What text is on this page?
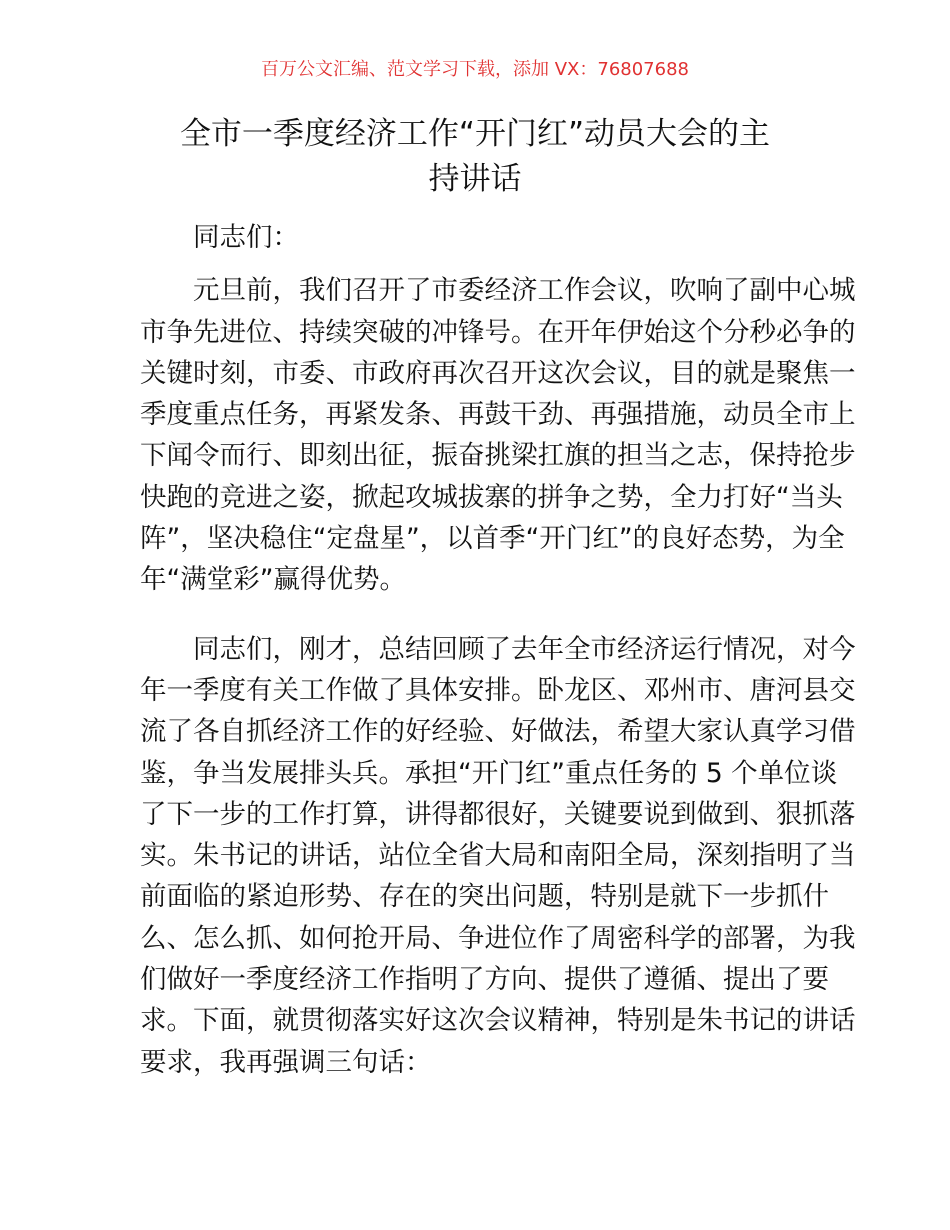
百万公文汇编、范文学习下载，添加 VX：76807688
全市一季度经济工作“开门红”动员大会的主
持讲话
同志们：
元旦前，我们召开了市委经济工作会议，吹响了副中心城
市争先进位、持续突破的冲锋号。在开年伊始这个分秒必争的
关键时刻，市委、市政府再次召开这次会议，目的就是聚焦一
季度重点任务，再紧发条、再鼓干劲、再强措施，动员全市上
下闻令而行、即刻出征，振奋挑梁扛旗的担当之志，保持抢步
快跑的竞进之姿，掀起攻城拔寨的拼争之势，全力打好“当头
阵”，坚决稳住“定盘星”，以首季“开门红”的良好态势，为全
年“满堂彩”赢得优势。
同志们，刚才，总结回顾了去年全市经济运行情况，对今
年一季度有关工作做了具体安排。卧龙区、邓州市、唐河县交
流了各自抓经济工作的好经验、好做法，希望大家认真学习借
鉴，争当发展排头兵。承担“开门红”重点任务的 5 个单位谈
了下一步的工作打算，讲得都很好，关键要说到做到、狠抓落
实。朱书记的讲话，站位全省大局和南阳全局，深刻指明了当
前面临的紧迫形势、存在的突出问题，特别是就下一步抓什
么、怎么抓、如何抢开局、争进位作了周密科学的部署，为我
们做好一季度经济工作指明了方向、提供了遵循、提出了要
求。下面，就贯彻落实好这次会议精神，特别是朱书记的讲话
要求，我再强调三句话：
